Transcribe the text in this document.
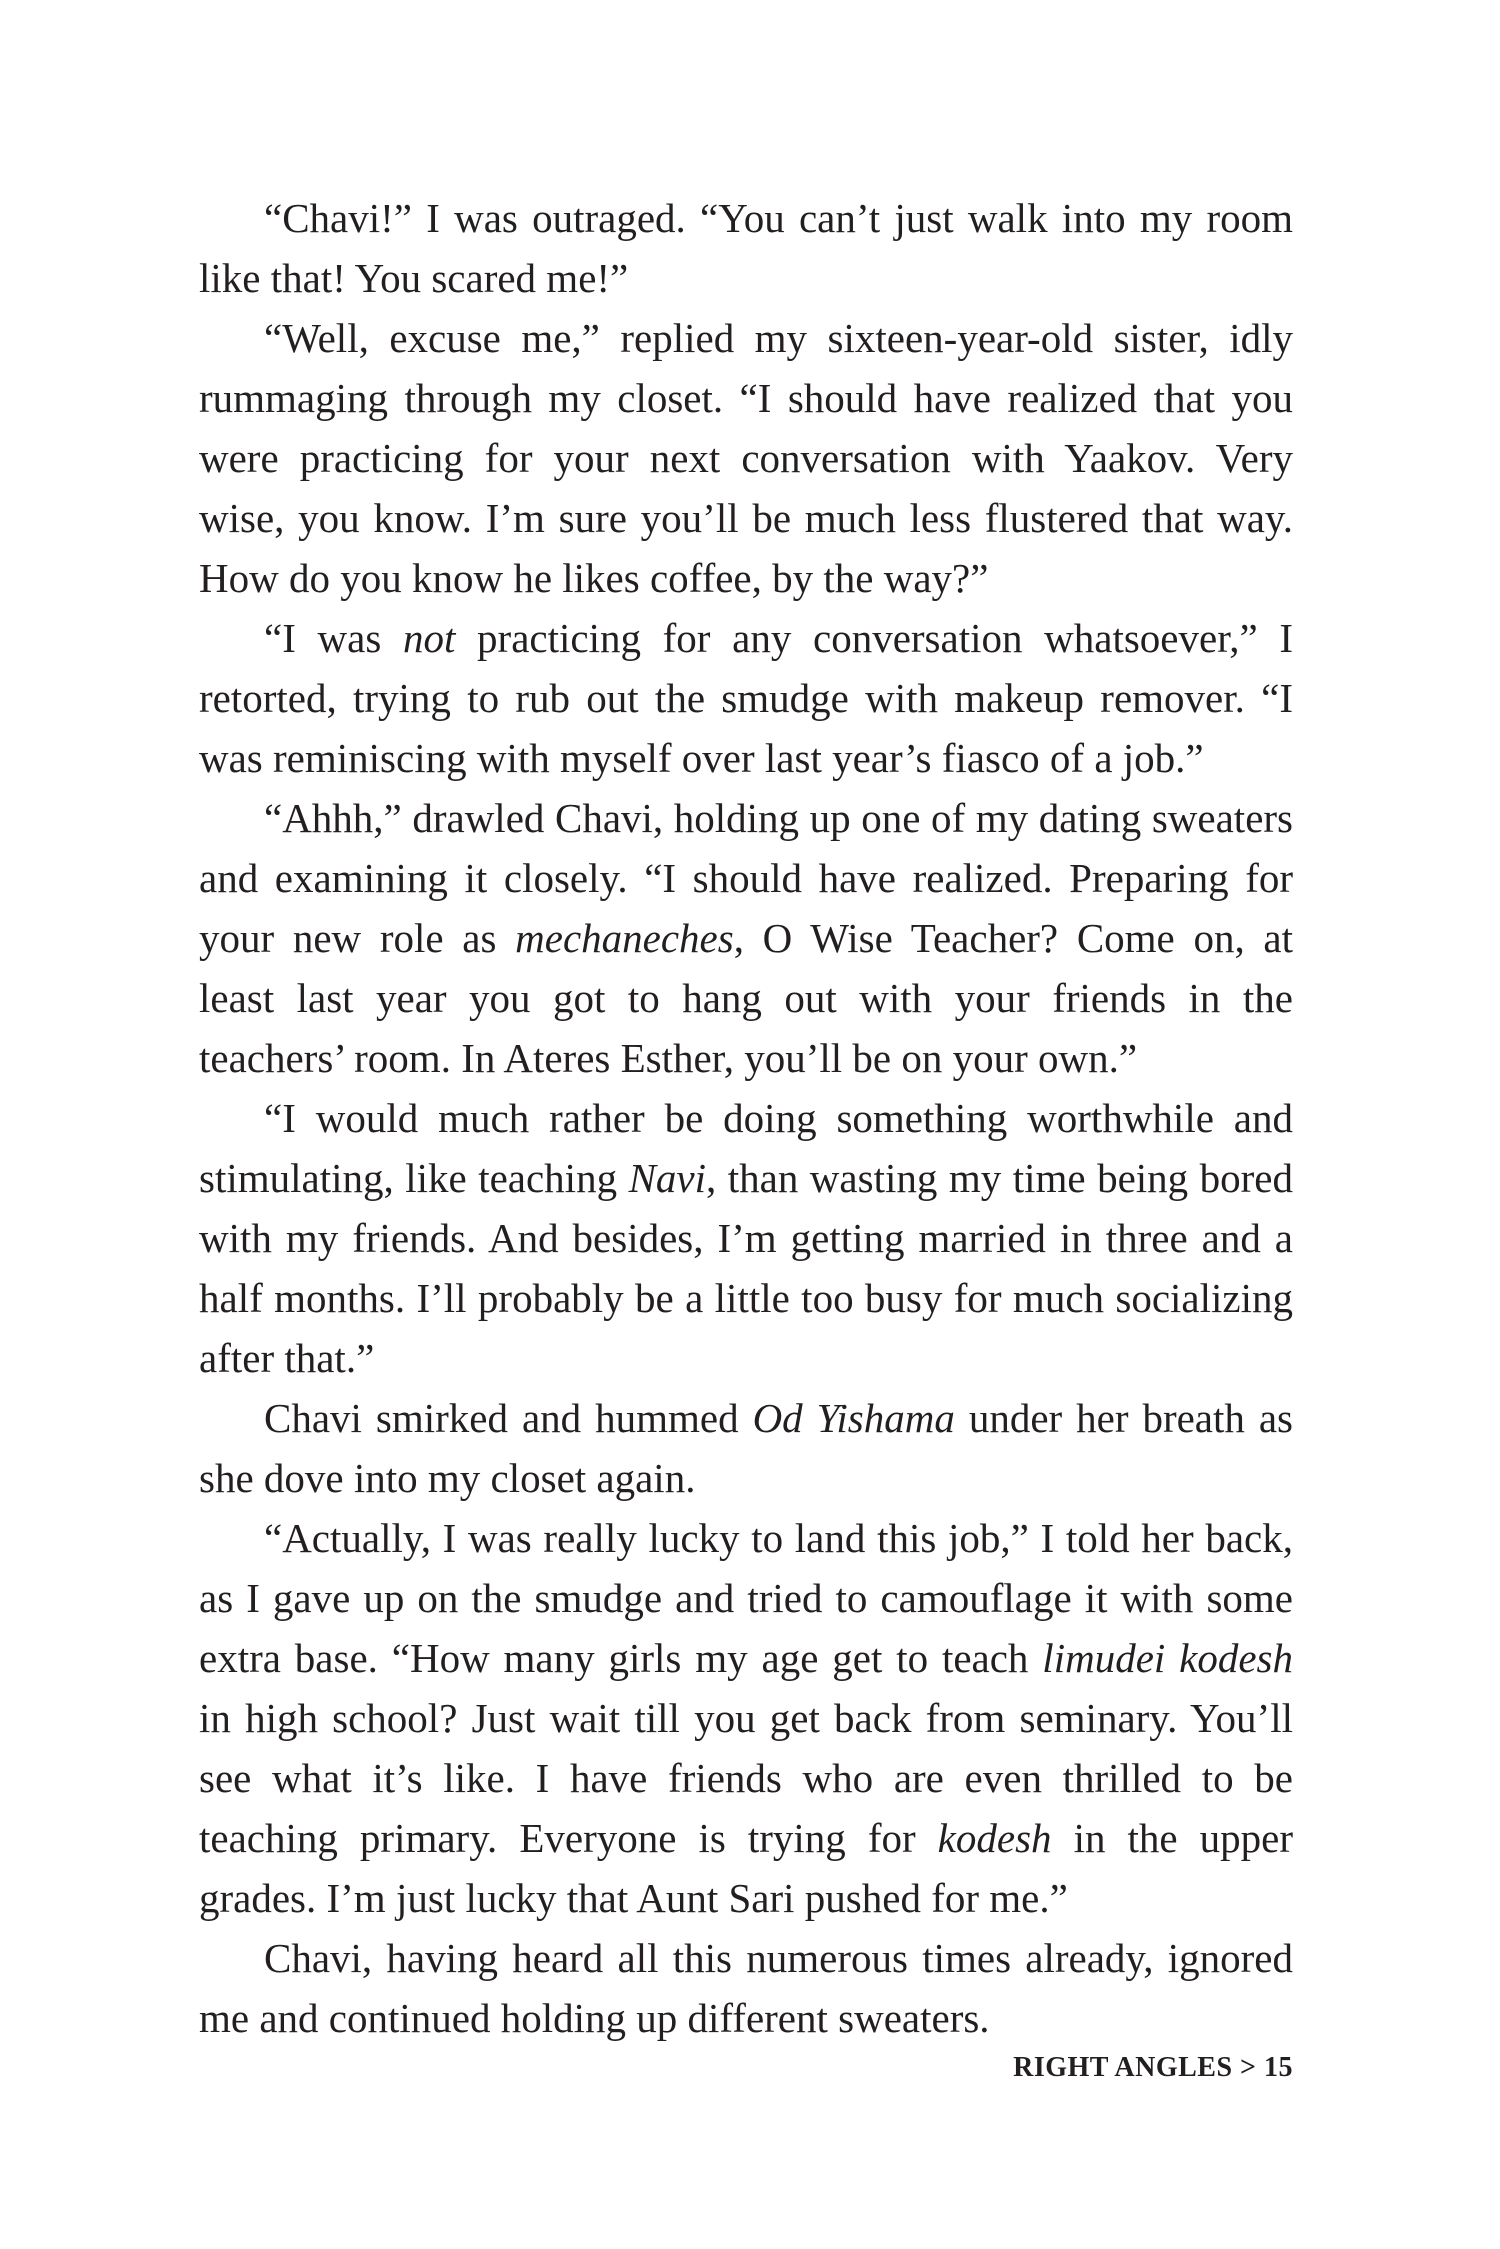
“Chavi!” I was outraged. “You can’t just walk into my room like that! You scared me!”

“Well, excuse me,” replied my sixteen-year-old sister, idly rummaging through my closet. “I should have realized that you were practicing for your next conversation with Yaakov. Very wise, you know. I’m sure you’ll be much less flustered that way. How do you know he likes coffee, by the way?”

“I was not practicing for any conversation whatsoever,” I retorted, trying to rub out the smudge with makeup remover. “I was reminiscing with myself over last year’s fiasco of a job.”

“Ahhh,” drawled Chavi, holding up one of my dating sweaters and examining it closely. “I should have realized. Preparing for your new role as mechaneches, O Wise Teacher? Come on, at least last year you got to hang out with your friends in the teachers’ room. In Ateres Esther, you’ll be on your own.”

“I would much rather be doing something worthwhile and stimulating, like teaching Navi, than wasting my time being bored with my friends. And besides, I’m getting married in three and a half months. I’ll probably be a little too busy for much socializing after that.”

Chavi smirked and hummed Od Yishama under her breath as she dove into my closet again.

“Actually, I was really lucky to land this job,” I told her back, as I gave up on the smudge and tried to camouflage it with some extra base. “How many girls my age get to teach limudei kodesh in high school? Just wait till you get back from seminary. You’ll see what it’s like. I have friends who are even thrilled to be teaching primary. Everyone is trying for kodesh in the upper grades. I’m just lucky that Aunt Sari pushed for me.”

Chavi, having heard all this numerous times already, ignored me and continued holding up different sweaters.

RIGHT ANGLES > 15
